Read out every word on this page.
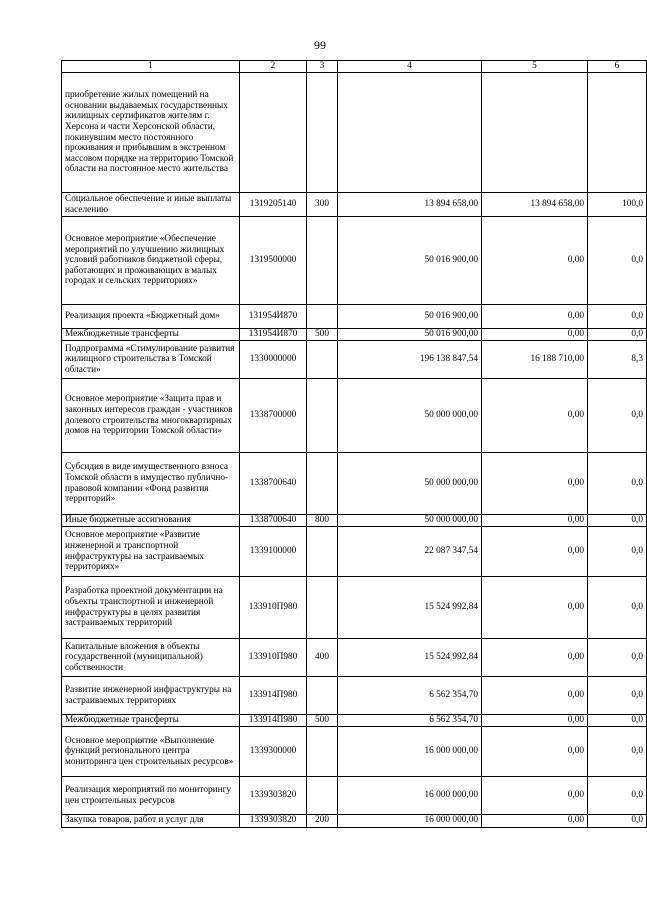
99
1	2	3	4	5	6
приобретение жилых помещений на основании выдаваемых государственных жилищных сертификатов жителям г. Херсона и части Херсонской области, покинувшим место постоянного проживания и прибывшим в экстренном массовом порядке на территорию Томской области на постоянное место жительства					
Социальное обеспечение и иные выплаты населению	1319205140	300	13 894 658,00	13 894 658,00	100,0
Основное мероприятие «Обеспечение мероприятий по улучшению жилищных условий работников бюджетной сферы, работающих и проживающих в малых городах и сельских территориях»	1319500000		50 016 900,00	0,00	0,0
Реализация проекта «Бюджетный дом»	131954И870		50 016 900,00	0,00	0,0
Межбюджетные трансферты	131954И870	500	50 016 900,00	0,00	0,0
Подпрограмма «Стимулирование развития жилищного строительства в Томской области»	1330000000		196 138 847,54	16 188 710,00	8,3
Основное мероприятие «Защита прав и законных интересов граждан - участников долевого строительства многоквартирных домов на территории Томской области»	1338700000		50 000 000,00	0,00	0,0
Субсидия в виде имущественного взноса Томской области в имущество публично-правовой компании «Фонд развития территорий»	1338700640		50 000 000,00	0,00	0,0
Иные бюджетные ассигнования	1338700640	800	50 000 000,00	0,00	0,0
Основное мероприятие «Развитие инженерной и транспортной инфраструктуры на застраиваемых территориях»	1339100000		22 087 347,54	0,00	0,0
Разработка проектной документации на объекты транспортной и инженерной инфраструктуры в целях развития застраиваемых территорий	133910П980		15 524 992,84	0,00	0,0
Капитальные вложения в объекты государственной (муниципальной) собственности	133910П980	400	15 524 992,84	0,00	0,0
Развитие инженерной инфраструктуры на застраиваемых территориях	133914П980		6 562 354,70	0,00	0,0
Межбюджетные трансферты	133914П980	500	6 562 354,70	0,00	0,0
Основное мероприятие «Выполнение функций регионального центра мониторинга цен строительных ресурсов»	1339300000		16 000 000,00	0,00	0,0
Реализация мероприятий по мониторингу цен строительных ресурсов	1339303820		16 000 000,00	0,00	0,0
Закупка товаров, работ и услуг для	1339303820	200	16 000 000,00	0,00	0,0
